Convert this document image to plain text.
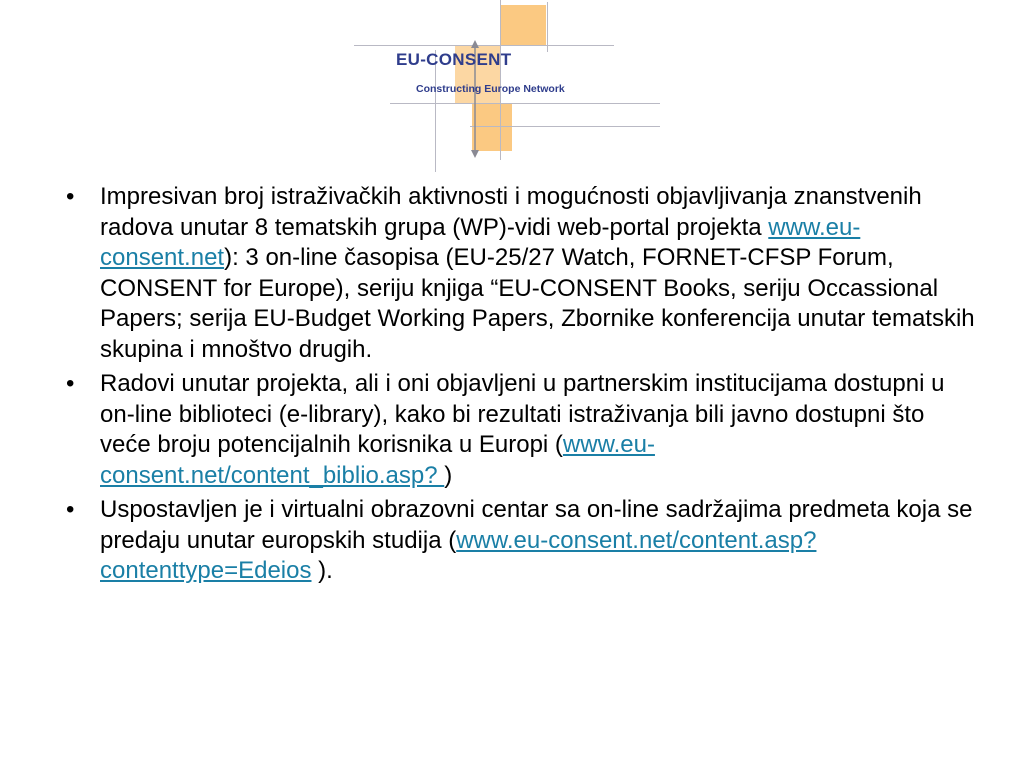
EU-CONSENT
Constructing Europe Network
• Impresivan broj istraživačkih aktivnosti i mogućnosti objavljivanja znanstvenih radova unutar 8 tematskih grupa (WP)-vidi web-portal projekta www.eu-consent.net): 3 on-line časopisa (EU-25/27 Watch, FORNET-CFSP Forum, CONSENT for Europe), seriju knjiga “EU-CONSENT Books, seriju Occassional Papers; serija EU-Budget Working Papers, Zbornike konferencija unutar tematskih skupina i mnoštvo drugih.
• Radovi unutar projekta, ali i oni objavljeni u partnerskim institucijama dostupni u on-line biblioteci (e-library), kako bi rezultati istraživanja bili javno dostupni što veće broju potencijalnih korisnika u Europi (www.eu-consent.net/content_biblio.asp? )
• Uspostavljen je i virtualni obrazovni centar sa on-line sadržajima predmeta koja se predaju unutar europskih studija (www.eu-consent.net/content.asp?contenttype=Edeios ).
